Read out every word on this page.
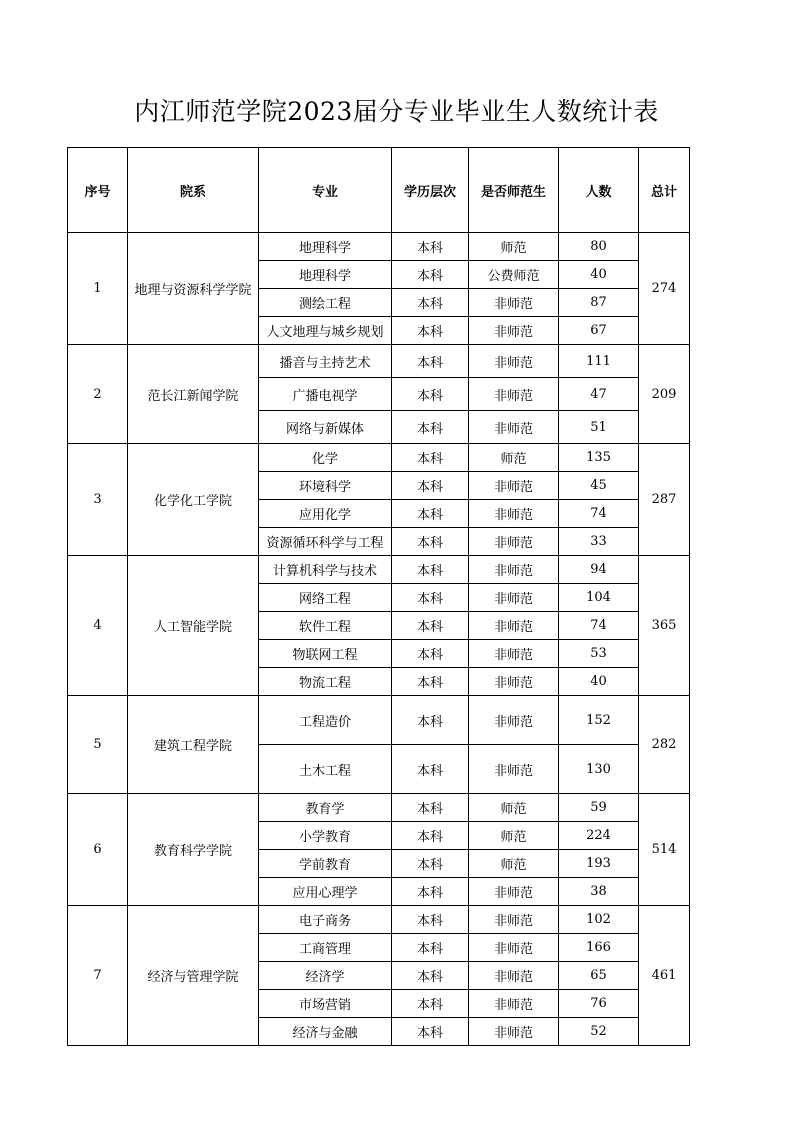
内江师范学院2023届分专业毕业生人数统计表
序号	院系	专业	学历层次	是否师范生	人数	总计
1	地理与资源科学学院	地理科学	本科	师范	80	274
		地理科学	本科	公费师范	40	
		测绘工程	本科	非师范	87	
		人文地理与城乡规划	本科	非师范	67	
2	范长江新闻学院	播音与主持艺术	本科	非师范	111	209
		广播电视学	本科	非师范	47	
		网络与新媒体	本科	非师范	51	
3	化学化工学院	化学	本科	师范	135	287
		环境科学	本科	非师范	45	
		应用化学	本科	非师范	74	
		资源循环科学与工程	本科	非师范	33	
4	人工智能学院	计算机科学与技术	本科	非师范	94	365
		网络工程	本科	非师范	104	
		软件工程	本科	非师范	74	
		物联网工程	本科	非师范	53	
		物流工程	本科	非师范	40	
5	建筑工程学院	工程造价	本科	非师范	152	282
		土木工程	本科	非师范	130	
6	教育科学学院	教育学	本科	师范	59	514
		小学教育	本科	师范	224	
		学前教育	本科	师范	193	
		应用心理学	本科	非师范	38	
7	经济与管理学院	电子商务	本科	非师范	102	461
		工商管理	本科	非师范	166	
		经济学	本科	非师范	65	
		市场营销	本科	非师范	76	
		经济与金融	本科	非师范	52	
